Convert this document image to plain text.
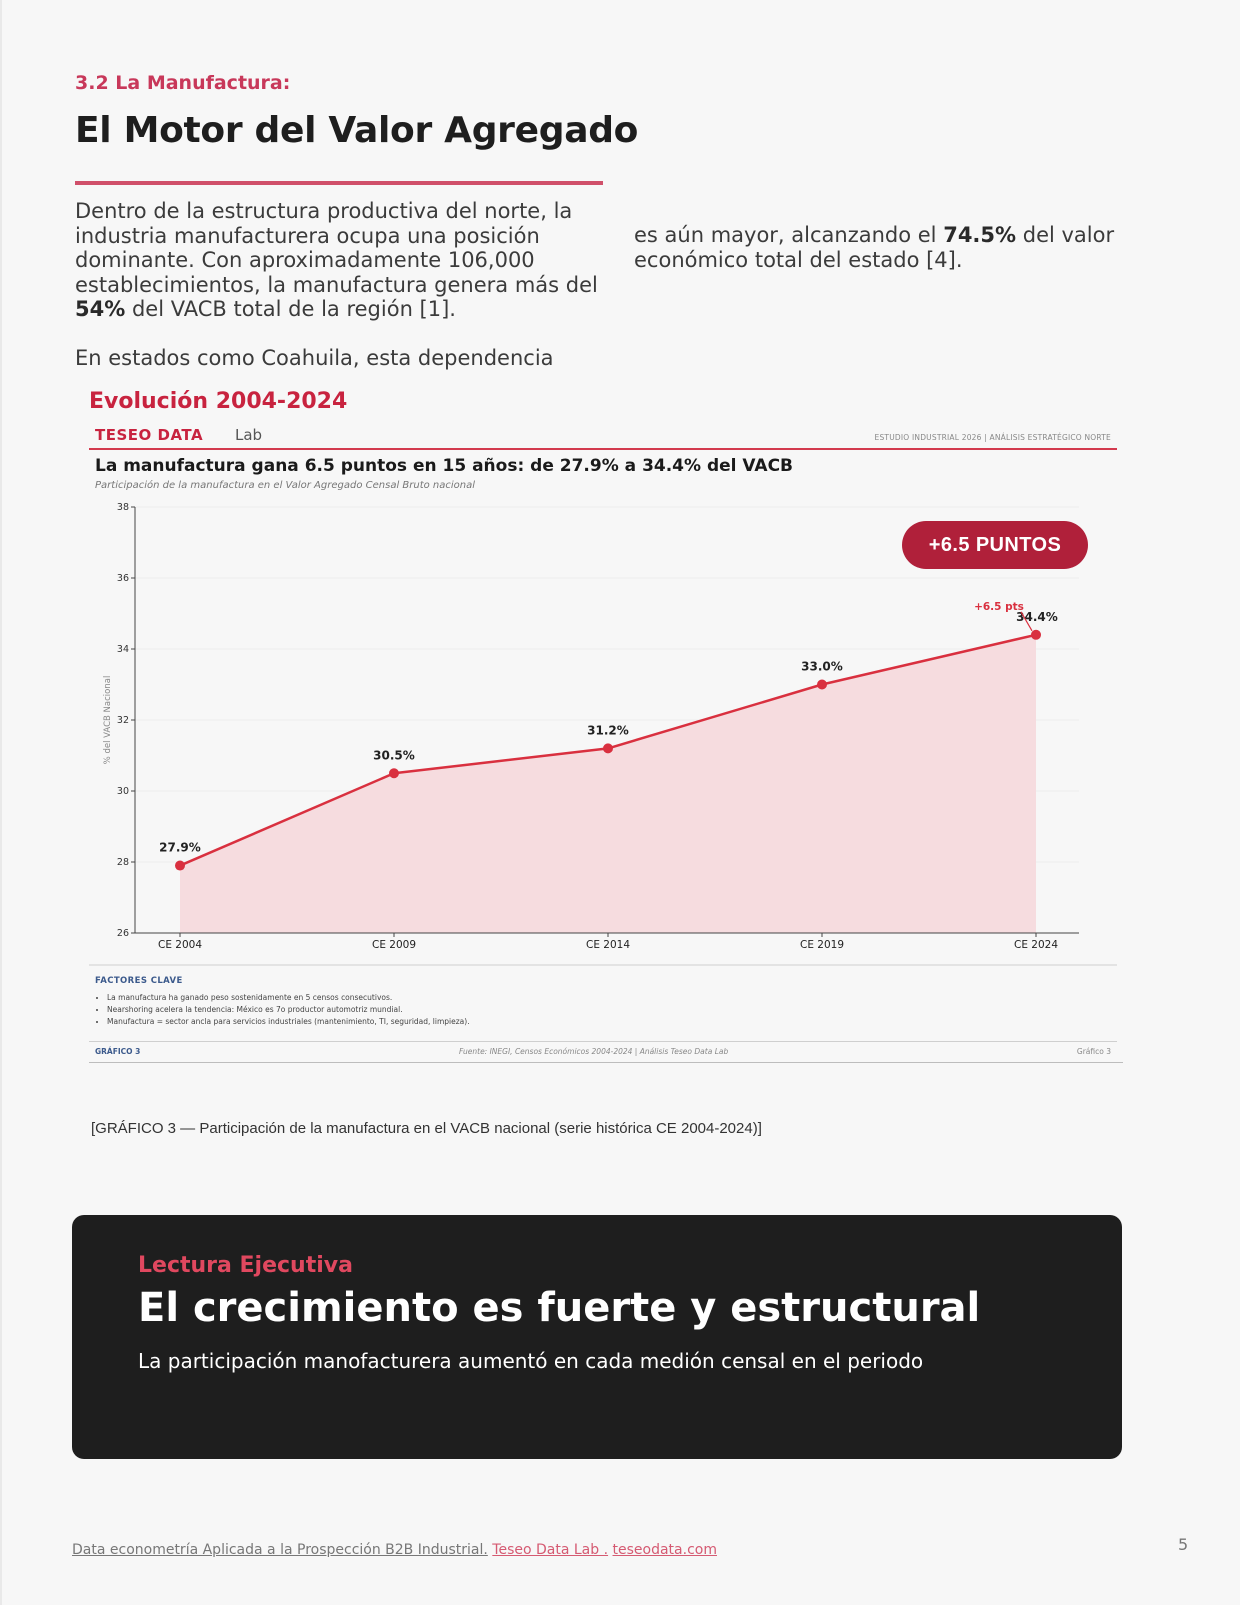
3.2 La Manufactura:
El Motor del Valor Agregado

Dentro de la estructura productiva del norte, la industria manufacturera ocupa una posición dominante. Con aproximadamente 106,000 establecimientos, la manufactura genera más del 54% del VACB total de la región [1].

En estados como Coahuila, esta dependencia

es aún mayor, alcanzando el 74.5% del valor económico total del estado [4].

Evolución 2004-2024
TESEO DATA Lab	ESTUDIO INDUSTRIAL 2026 | ANÁLISIS ESTRATÉGICO NORTE
La manufactura gana 6.5 puntos en 15 años: de 27.9% a 34.4% del VACB
Participación de la manufactura en el Valor Agregado Censal Bruto nacional
26
28
30
32
34
36
38
CE 2004	CE 2009	CE 2014	CE 2019	CE 2024
% del VACB Nacional
27.9%
30.5%
31.2%
33.0%
34.4%
+6.5 pts
+6.5 PUNTOS
FACTORES CLAVE
• La manufactura ha ganado peso sostenidamente en 5 censos consecutivos.
• Nearshoring acelera la tendencia: México es 7o productor automotriz mundial.
• Manufactura = sector ancla para servicios industriales (mantenimiento, TI, seguridad, limpieza).
GRÁFICO 3	Fuente: INEGI, Censos Económicos 2004-2024 | Análisis Teseo Data Lab	Gráfico 3
[GRÁFICO 3 — Participación de la manufactura en el VACB nacional (serie histórica CE 2004-2024)]
Lectura Ejecutiva
El crecimiento es fuerte y estructural
La participación manofacturera aumentó en cada medión censal en el periodo
Data econometría Aplicada a la Prospección B2B Industrial. Teseo Data Lab . teseodata.com	5
